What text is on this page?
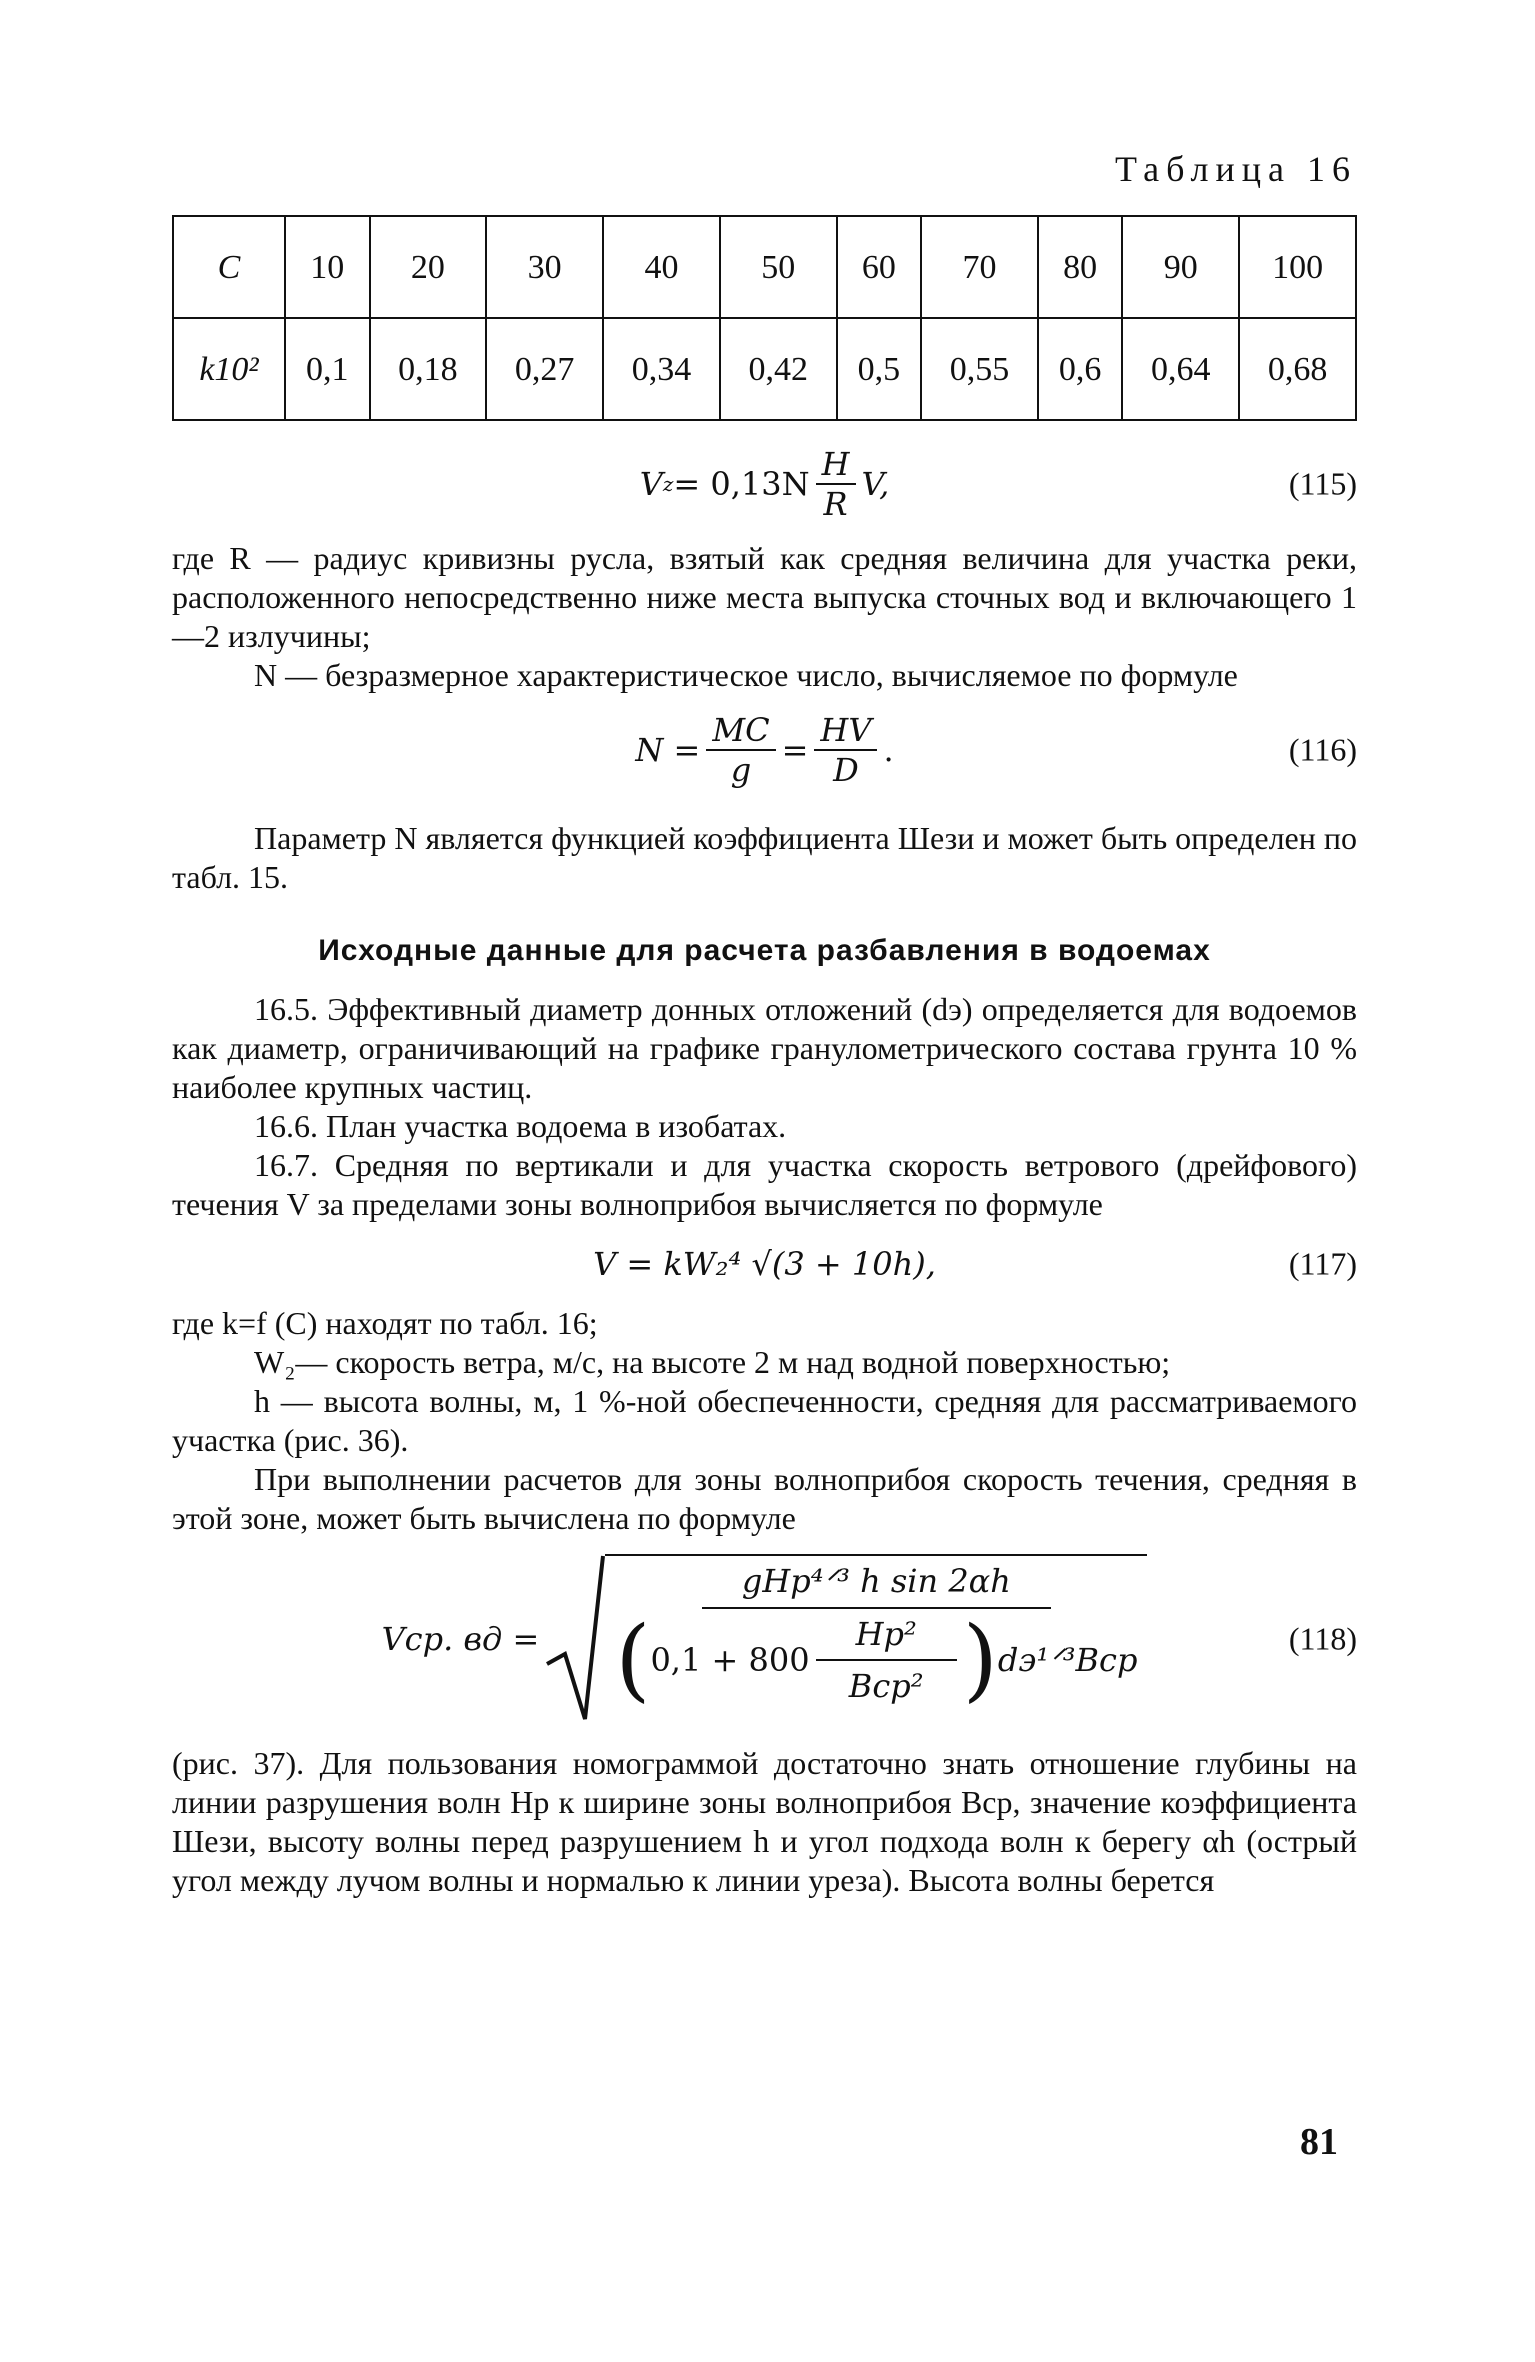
Таблица 16
C	10	20	30	40	50	60	70	80	90	100
k10²	0,1	0,18	0,27	0,34	0,42	0,5	0,55	0,6	0,64	0,68
V $z = 0,13N \frac{H}{R} V$,	(115)

где R — радиус кривизны русла, взятый как средняя величина для участка реки, расположенного непосредственно ниже места выпуска сточных вод и включающего 1—2 излучины;

N — безразмерное характеристическое число, вычисляемое по формуле

$N = \frac{MC}{g} = \frac{HV}{D}$ .	(116)

Параметр N является функцией коэффициента Шези и может быть определен по табл. 15.

Исходные данные для расчета разбавления в водоемах

16.5. Эффективный диаметр донных отложений (dэ) определяется для водоемов как диаметр, ограничивающий на графике гранулометрического состава грунта 10 % наиболее крупных частиц.

16.6. План участка водоема в изобатах.

16.7. Средняя по вертикали и для участка скорость ветрового (дрейфового) течения V за пределами зоны волноприбоя вычисляется по формуле

V = kW₂⁴ √(3 + 10h),	(117)

где k=f (C) находят по табл. 16;

W₂— скорость ветра, м/с, на высоте 2 м над водной поверхностью;

h — высота волны, м, 1 %-ной обеспеченности, средняя для рассматриваемого участка (рис. 36).

При выполнении расчетов для зоны волноприбоя скорость течения, средняя в этой зоне, может быть вычислена по формуле

Vср. вд =
gHр⁴ᐟ³ h sin 2αh
( $0,1 + 800 \frac{\text{Hр²}}{\text{Bср²}}$ ) dэ¹ᐟ³Bср
(118)

(рис. 37). Для пользования номограммой достаточно знать отношение глубины на линии разрушения волн Hр к ширине зоны волноприбоя Bср, значение коэффициента Шези, высоту волны перед разрушением h и угол подхода волн к берегу αh (острый угол между лучом волны и нормалью к линии уреза). Высота волны берется

81
